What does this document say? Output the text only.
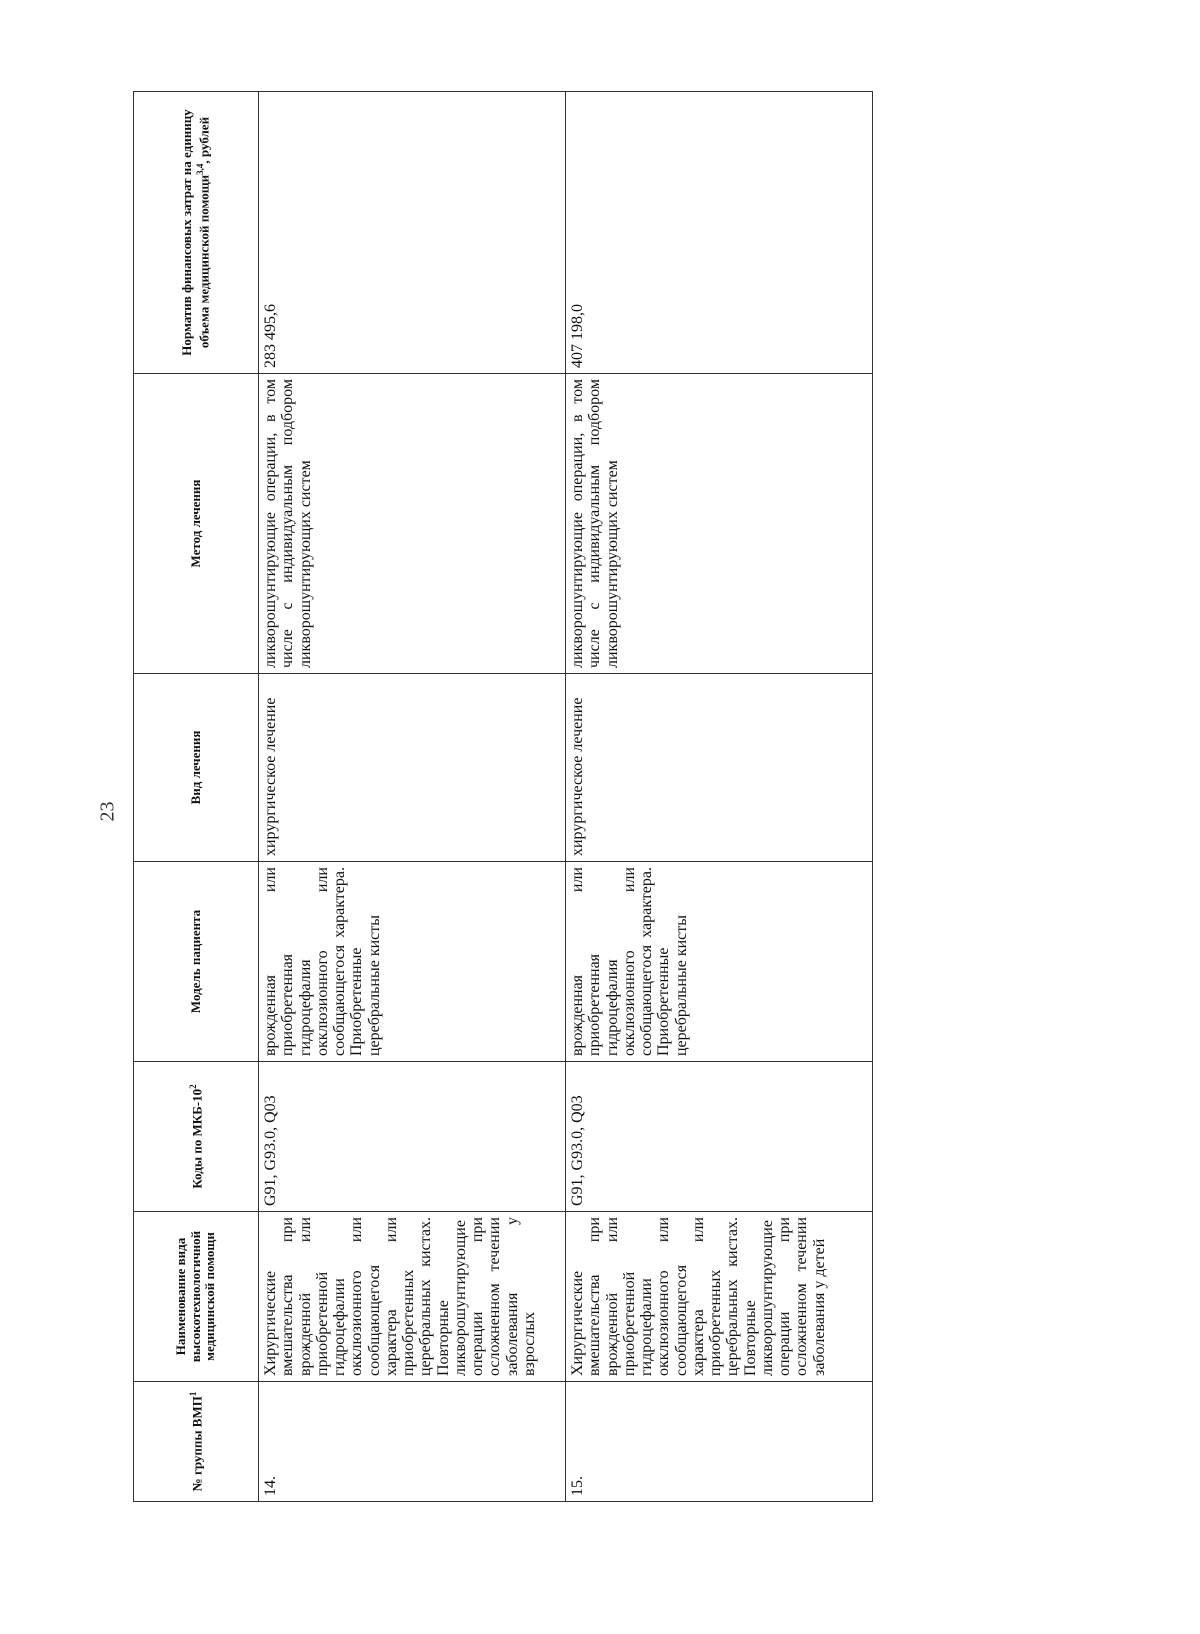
23
№ группы ВМП$^1$	Наименование вида высокотехнологичной медицинской помощи	Коды по МКБ-$10^2$	Модель пациента	Вид лечения	Метод лечения	Норматив финансовых затрат на единицу объема медицинской помощи$^{3,4}$, рублей
14.	Хирургические вмешательства при врожденной или приобретенной гидроцефалии окклюзионного или сообщающегося характера или приобретенных церебральных кистах. Повторные ликворошунтирующие операции при осложненном течении заболевания у взрослых	G91, G93.0, Q03	врожденная или приобретенная гидроцефалия окклюзионного или сообщающегося характера. Приобретенные церебральные кисты	хирургическое лечение	ликворошунтирующие операции, в том числе с индивидуальным подбором ликворошунтирующих систем	283 495,6
15.	Хирургические вмешательства при врожденной или приобретенной гидроцефалии окклюзионного или сообщающегося характера или приобретенных церебральных кистах. Повторные ликворошунтирующие операции при осложненном течении заболевания у детей	G91, G93.0, Q03	врожденная или приобретенная гидроцефалия окклюзионного или сообщающегося характера. Приобретенные церебральные кисты	хирургическое лечение	ликворошунтирующие операции, в том числе с индивидуальным подбором ликворошунтирующих систем	407 198,0
